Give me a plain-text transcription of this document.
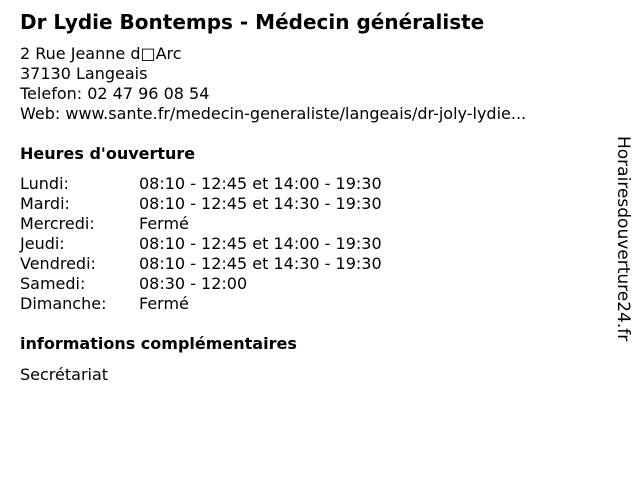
Dr Lydie Bontemps - Médecin généraliste
2 Rue Jeanne d□Arc
37130 Langeais
Telefon: 02 47 96 08 54
Web: www.sante.fr/medecin-generaliste/langeais/dr-joly-lydie...
Heures d'ouverture
Lundi:	08:10 - 12:45 et 14:00 - 19:30
Mardi:	08:10 - 12:45 et 14:30 - 19:30
Mercredi:	Fermé
Jeudi:	08:10 - 12:45 et 14:00 - 19:30
Vendredi:	08:10 - 12:45 et 14:30 - 19:30
Samedi:	08:30 - 12:00
Dimanche: Fermé
informations complémentaires
Secrétariat
Horairesdouverture24.fr
